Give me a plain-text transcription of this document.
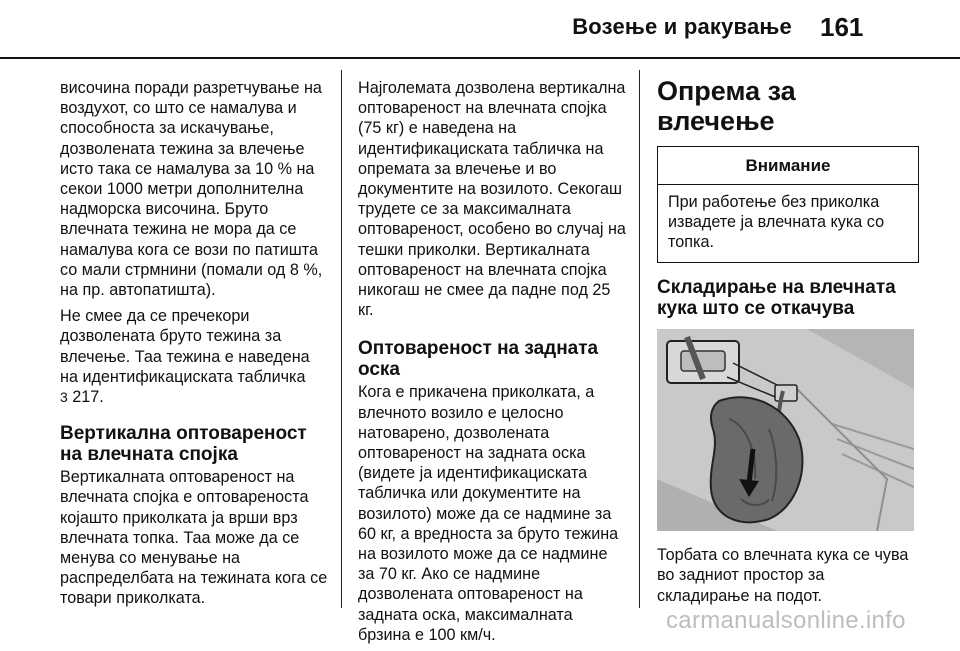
Возење и ракување 161

височина поради разретчување на воздухот, со што се намалува и способноста за искачување, дозволената тежина за влечење исто така се намалува за 10 % на секои 1000 метри дополнителна надморска височина. Бруто влечната тежина не мора да се намалува кога се вози по патишта со мали стрмнини (помали од 8 %, на пр. автопатишта).

Не смее да се пречекори дозволената бруто тежина за влечење. Таа тежина е наведена на идентификациската табличка
3 217.

Вертикална оптовареност на влечната спојка

Вертикалната оптовареност на влечната спојка е оптовареноста којашто приколката ја врши врз влечната топка. Таа може да се менува со менување на распределбата на тежината кога се товари приколката.

Најголемата дозволена вертикална оптовареност на влечната спојка (75 кг) е наведена на идентификациската табличка на опремата за влечење и во документите на возилото. Секогаш трудете се за максималната оптовареност, особено во случај на тешки приколки. Вертикалната оптовареност на влечната спојка никогаш не смее да падне под 25 кг.

Оптовареност на задната оска

Кога е прикачена приколката, а влечното возило е целосно натоварено, дозволената оптовареност на задната оска (видете ја идентификациската табличка или документите на возилото) може да се надмине за 60 кг, а вредноста за бруто тежина на возилото може да се надмине за 70 кг. Ако се надмине дозволената оптовареност на задната оска, максималната брзина е 100 км/ч.

Опрема за влечење
Внимание
При работење без приколка извадете ја влечната кука со топка.
Складирање на влечната кука што се откачува

Торбата со влечната кука се чува во задниот простор за складирање на подот.

carmanualsonline.info
